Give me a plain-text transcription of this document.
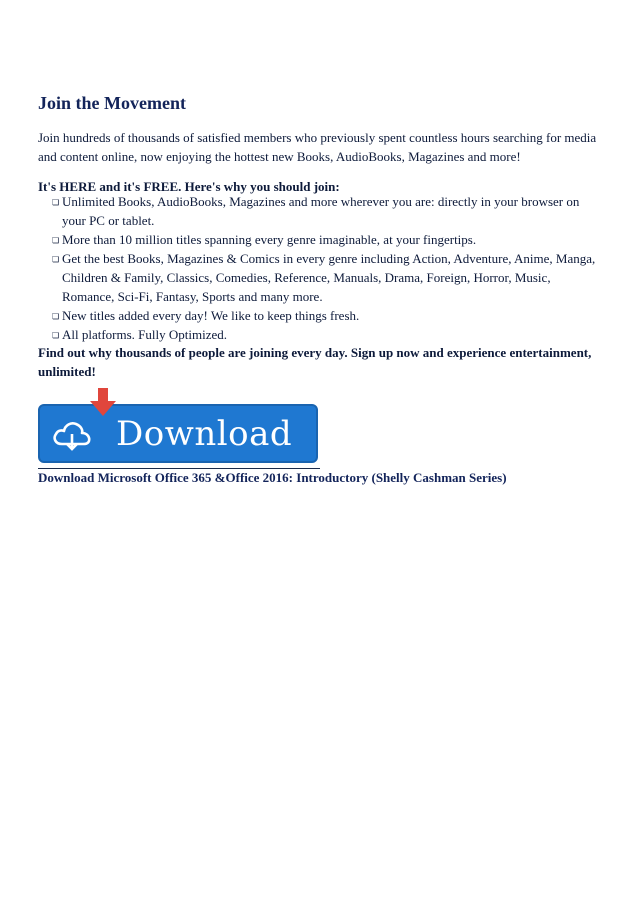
Join the Movement

Join hundreds of thousands of satisfied members who previously spent countless hours searching for media and content online, now enjoying the hottest new Books, AudioBooks, Magazines and more!

It's HERE and it's FREE. Here's why you should join:

❏ Unlimited Books, AudioBooks, Magazines and more wherever you are: directly in your browser on your PC or tablet.
❏ More than 10 million titles spanning every genre imaginable, at your fingertips.
❏ Get the best Books, Magazines & Comics in every genre including Action, Adventure, Anime, Manga, Children & Family, Classics, Comedies, Reference, Manuals, Drama, Foreign, Horror, Music, Romance, Sci-Fi, Fantasy, Sports and many more.
❏ New titles added every day! We like to keep things fresh.
❏ All platforms. Fully Optimized.

Find out why thousands of people are joining every day. Sign up now and experience entertainment, unlimited!

Download
Download Microsoft Office 365 &Office 2016: Introductory (Shelly Cashman Series)
